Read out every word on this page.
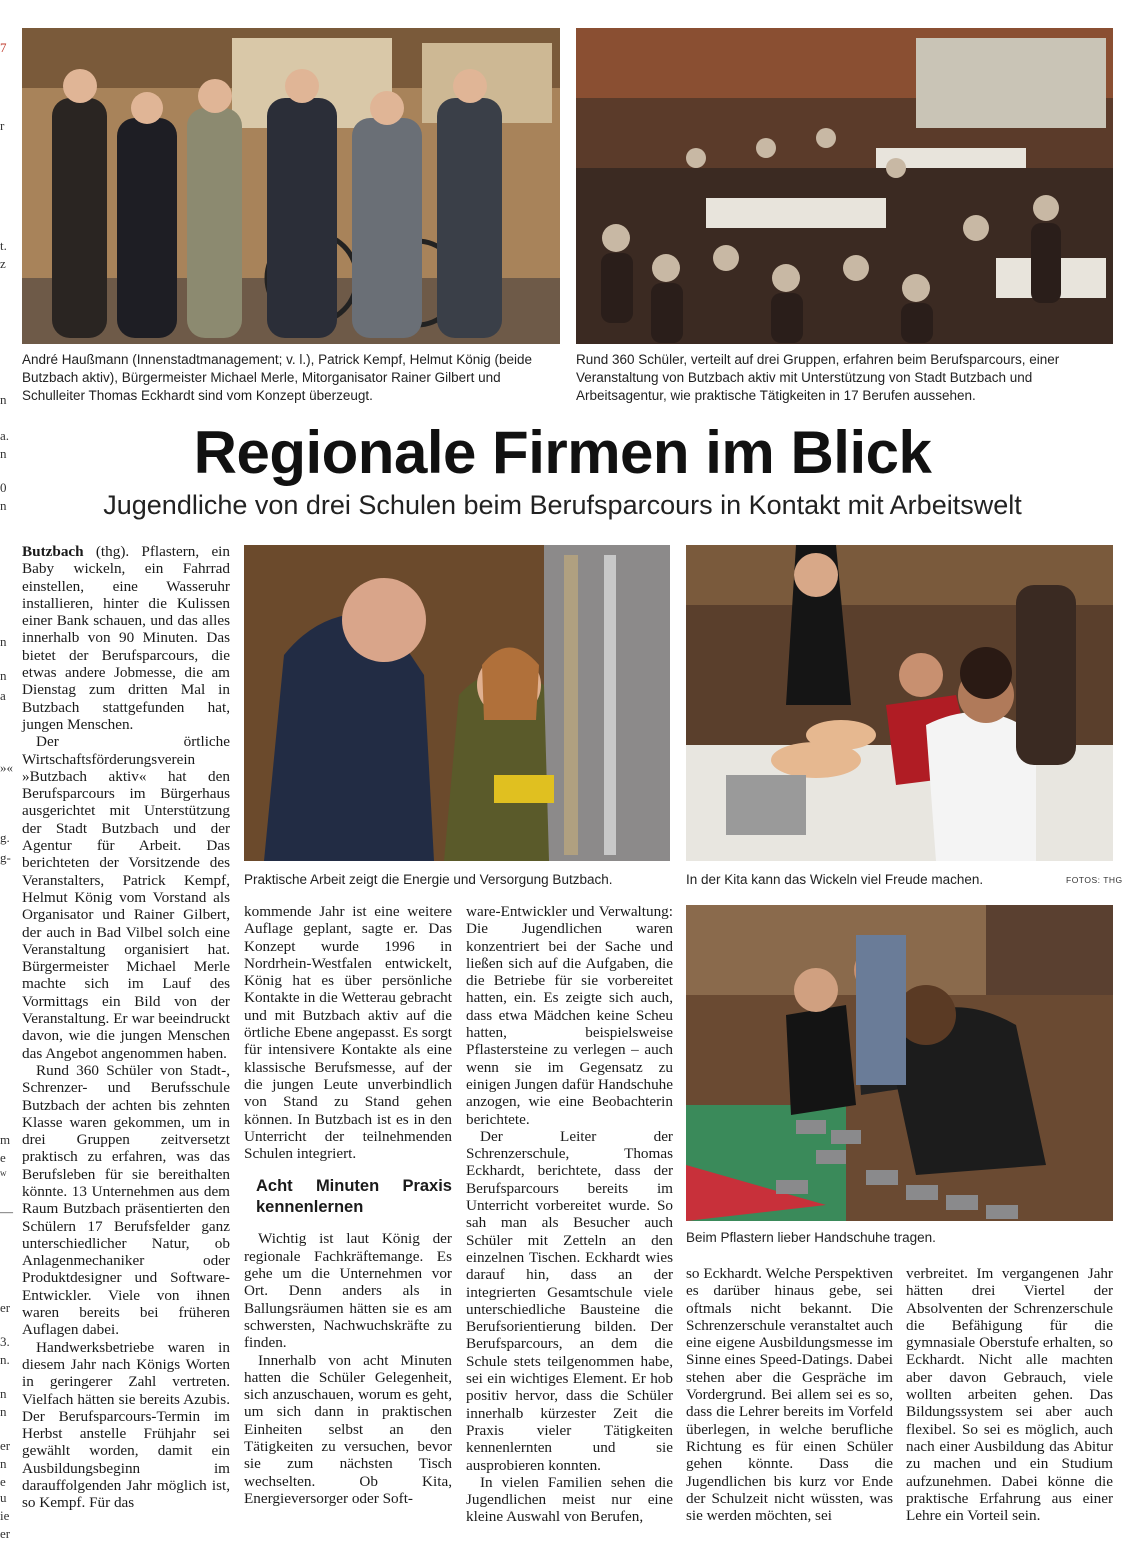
7
r
t.
z
n
a.
n
0
n
n
n
a
»«
g.
g-
m
e
w
—
er
3.
n.
n
n
er
n
e
u
ie
er
André Haußmann (Innenstadtmanagement; v. l.), Patrick Kempf, Helmut König (beide Butzbach aktiv), Bürgermeister Michael Merle, Mitorganisator Rainer Gilbert und Schulleiter Thomas Eckhardt sind vom Konzept überzeugt.
Rund 360 Schüler, verteilt auf drei Gruppen, erfahren beim Berufsparcours, einer Veranstaltung von Butzbach aktiv mit Unterstützung von Stadt Butzbach und Arbeitsagentur, wie praktische Tätigkeiten in 17 Berufen aussehen.
Regionale Firmen im Blick
Jugendliche von drei Schulen beim Berufsparcours in Kontakt mit Arbeitswelt
Praktische Arbeit zeigt die Energie und Versorgung Butzbach.	In der Kita kann das Wickeln viel Freude machen.	FOTOS: THG
Beim Pflastern lieber Handschuhe tragen.

Butzbach (thg). Pflastern, ein Baby wickeln, ein Fahrrad einstellen, eine Wasseruhr installieren, hinter die Kulissen einer Bank schauen, und das alles innerhalb von 90 Minuten. Das bietet der Berufsparcours, die etwas andere Jobmesse, die am Dienstag zum dritten Mal in Butzbach stattgefunden hat, jungen Menschen.

Der örtliche Wirtschaftsförderungsverein »Butzbach aktiv« hat den Berufsparcours im Bürgerhaus ausgerichtet mit Unterstützung der Stadt Butzbach und der Agentur für Arbeit. Das berichteten der Vorsitzende des Veranstalters, Patrick Kempf, Helmut König vom Vorstand als Organisator und Rainer Gilbert, der auch in Bad Vilbel solch eine Veranstaltung organisiert hat. Bürgermeister Michael Merle machte sich im Lauf des Vormittags ein Bild von der Veranstaltung. Er war beeindruckt davon, wie die jungen Menschen das Angebot angenommen haben.

Rund 360 Schüler von Stadt-, Schrenzer- und Berufsschule Butzbach der achten bis zehnten Klasse waren gekommen, um in drei Gruppen zeitversetzt praktisch zu erfahren, was das Berufsleben für sie bereithalten könnte. 13 Unternehmen aus dem Raum Butzbach präsentierten den Schülern 17 Berufsfelder ganz unterschiedlicher Natur, ob Anlagenmechaniker oder Produktdesigner und Software-Entwickler. Viele von ihnen waren bereits bei früheren Auflagen dabei.

Handwerksbetriebe waren in diesem Jahr nach Königs Worten in geringerer Zahl vertreten. Vielfach hätten sie bereits Azubis. Der Berufsparcours-Termin im Herbst anstelle Frühjahr sei gewählt worden, damit ein Ausbildungsbeginn im darauffolgenden Jahr möglich ist, so Kempf. Für das

kommende Jahr ist eine weitere Auflage geplant, sagte er. Das Konzept wurde 1996 in Nordrhein-Westfalen entwickelt, König hat es über persönliche Kontakte in die Wetterau gebracht und mit Butzbach aktiv auf die örtliche Ebene angepasst. Es sorgt für intensivere Kontakte als eine klassische Berufsmesse, auf der die jungen Leute unverbindlich von Stand zu Stand gehen können. In Butzbach ist es in den Unterricht der teilnehmenden Schulen integriert.

Acht Minuten Praxis kennenlernen

Wichtig ist laut König der regionale Fachkräftemange. Es gehe um die Unternehmen vor Ort. Denn anders als in Ballungsräumen hätten sie es am schwersten, Nachwuchskräfte zu finden.

Innerhalb von acht Minuten hatten die Schüler Gelegenheit, sich anzuschauen, worum es geht, um sich dann in praktischen Einheiten selbst an den Tätigkeiten zu versuchen, bevor sie zum nächsten Tisch wechselten. Ob Kita, Energieversorger oder Soft-

ware-Entwickler und Verwaltung: Die Jugendlichen waren konzentriert bei der Sache und ließen sich auf die Aufgaben, die die Betriebe für sie vorbereitet hatten, ein. Es zeigte sich auch, dass etwa Mädchen keine Scheu hatten, beispielsweise Pflastersteine zu verlegen – auch wenn sie im Gegensatz zu einigen Jungen dafür Handschuhe anzogen, wie eine Beobachterin berichtete.

Der Leiter der Schrenzerschule, Thomas Eckhardt, berichtete, dass der Berufsparcours bereits im Unterricht vorbereitet wurde. So sah man als Besucher auch Schüler mit Zetteln an den einzelnen Tischen. Eckhardt wies darauf hin, dass an der integrierten Gesamtschule viele unterschiedliche Bausteine die Berufsorientierung bilden. Der Berufsparcours, an dem die Schule stets teilgenommen habe, sei ein wichtiges Element. Er hob positiv hervor, dass die Schüler innerhalb kürzester Zeit die Praxis vieler Tätigkeiten kennenlernten und sie ausprobieren konnten.

In vielen Familien sehen die Jugendlichen meist nur eine kleine Auswahl von Berufen,

so Eckhardt. Welche Perspektiven es darüber hinaus gebe, sei oftmals nicht bekannt. Die Schrenzerschule veranstaltet auch eine eigene Ausbildungsmesse im Sinne eines Speed-Datings. Dabei stehen aber die Gespräche im Vordergrund. Bei allem sei es so, dass die Lehrer bereits im Vorfeld überlegen, in welche berufliche Richtung es für einen Schüler gehen könnte. Dass die Jugendlichen bis kurz vor Ende der Schulzeit nicht wüssten, was sie werden möchten, sei

verbreitet. Im vergangenen Jahr hätten drei Viertel der Absolventen der Schrenzerschule die Befähigung für die gymnasiale Oberstufe erhalten, so Eckhardt. Nicht alle machten aber davon Gebrauch, viele wollten arbeiten gehen. Das Bildungssystem sei aber auch flexibel. So sei es möglich, auch nach einer Ausbildung das Abitur zu machen und ein Studium aufzunehmen. Dabei könne die praktische Erfahrung aus einer Lehre ein Vorteil sein.
